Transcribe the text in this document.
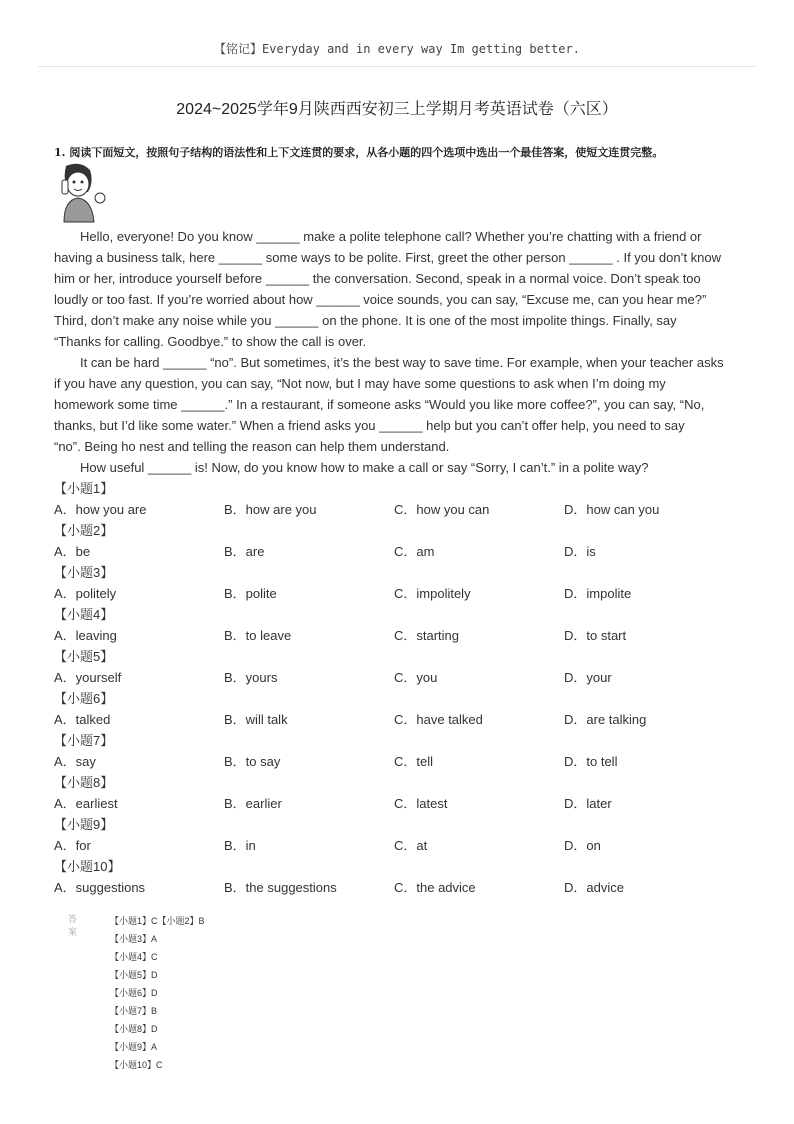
【铭记】Everyday and in every way Im getting better.
2024~2025学年9月陕西西安初三上学期月考英语试卷（六区）
1. 阅读下面短文，按照句子结构的语法性和上下文连贯的要求，从各小题的四个选项中选出一个最佳答案，使短文连贯完整。
　　Hello, everyone! Do you know ______ make a polite telephone call? Whether you’re chatting with a friend or
having a business talk, here ______ some ways to be polite. First, greet the other person ______ . If you don’t know
him or her, introduce yourself before ______ the conversation. Second, speak in a normal voice. Don’t speak too
loudly or too fast. If you’re worried about how ______ voice sounds, you can say, “Excuse me, can you hear me?”
Third, don’t make any noise while you ______ on the phone. It is one of the most impolite things. Finally, say
“Thanks for calling. Goodbye.” to show the call is over.
　　It can be hard ______ “no”. But sometimes, it’s the best way to save time. For example, when your teacher asks
if you have any question, you can say, “Not now, but I may have some questions to ask when I’m doing my
homework some time ______.” In a restaurant, if someone asks “Would you like more coffee?”, you can say, “No,
thanks, but I’d like some water.” When a friend asks you ______ help but you can’t offer help, you need to say
“no”. Being ho nest and telling the reason can help them understand.
　　How useful ______ is! Now, do you know how to make a call or say “Sorry, I can’t.” in a polite way?
【小题1】
A．how you are	B．how are you	C．how you can	D．how can you
【小题2】
A．be	B．are	C．am	D．is
【小题3】
A．politely	B．polite	C．impolitely	D．impolite
【小题4】
A．leaving	B．to leave	C．starting	D．to start
【小题5】
A．yourself	B．yours	C．you	D．your
【小题6】
A．talked	B．will talk	C．have talked	D．are talking
【小题7】
A．say	B．to say	C．tell	D．to tell
【小题8】
A．earliest	B．earlier	C．latest	D．later
【小题9】
A．for	B．in	C．at	D．on
【小题10】
A．suggestions	B．the suggestions	C．the advice	D．advice
答案
【小题1】C【小题2】B
【小题3】A
【小题4】C
【小题5】D
【小题6】D
【小题7】B
【小题8】D
【小题9】A
【小题10】C
